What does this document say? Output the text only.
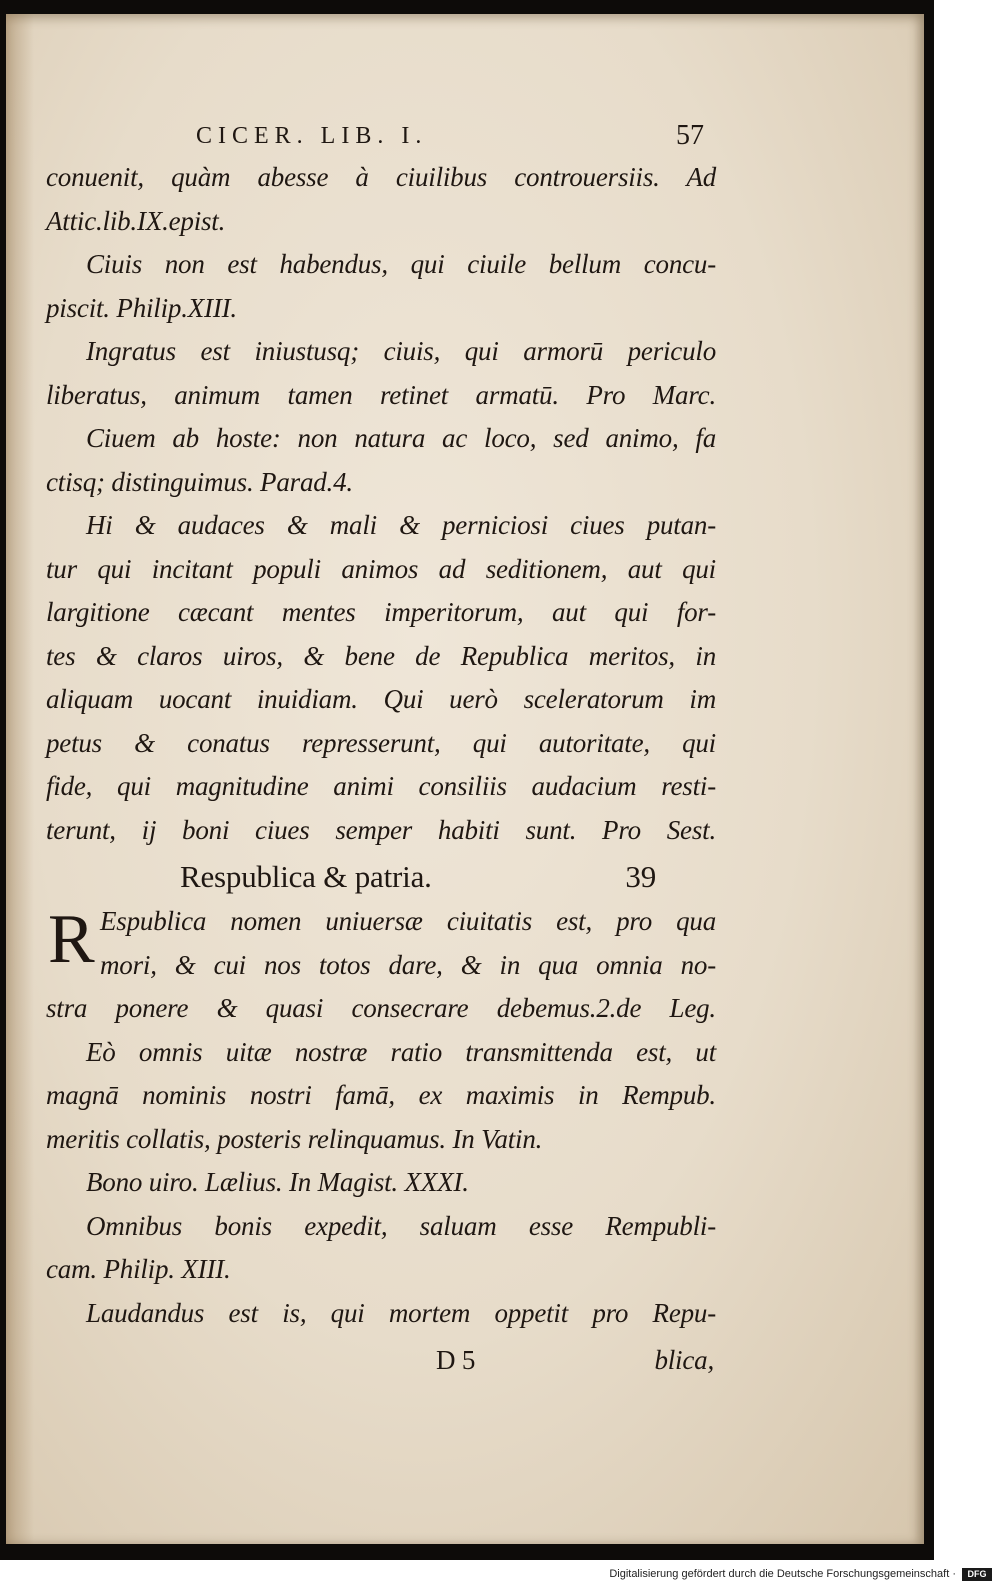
CICER. LIB. I.	57
conuenit, quàm abesse à ciuilibus controuersiis. Ad
Attic.lib.IX.epist.
Ciuis non est habendus, qui ciuile bellum concu-
piscit. Philip.XIII.
Ingratus est iniustusq; ciuis, qui armorū periculo
liberatus, animum tamen retinet armatū. Pro Marc.
Ciuem ab hoste: non natura ac loco, sed animo, fa
ctisq; distinguimus. Parad.4.
Hi & audaces & mali & perniciosi ciues putan-
tur qui incitant populi animos ad seditionem, aut qui
largitione cæcant mentes imperitorum, aut qui for-
tes & claros uiros, & bene de Republica meritos, in
aliquam uocant inuidiam. Qui uerò sceleratorum im
petus & conatus represserunt, qui autoritate, qui
fide, qui magnitudine animi consiliis audacium resti-
terunt, ij boni ciues semper habiti sunt. Pro Sest.
Respublica & patria.	39
R Espublica nomen uniuersæ ciuitatis est, pro qua
mori, & cui nos totos dare, & in qua omnia no-
stra ponere & quasi consecrare debemus.2.de Leg.
Eò omnis uitæ nostræ ratio transmittenda est, ut
magnā nominis nostri famā, ex maximis in Rempub.
meritis collatis, posteris relinquamus. In Vatin.
Bono uiro. Lælius. In Magist. XXXI.
Omnibus bonis expedit, saluam esse Rempubli-
cam. Philip. XIII.
Laudandus est is, qui mortem oppetit pro Repu-
D 5	blica,
Digitalisierung gefördert durch die Deutsche Forschungsgemeinschaft ·	DFG
